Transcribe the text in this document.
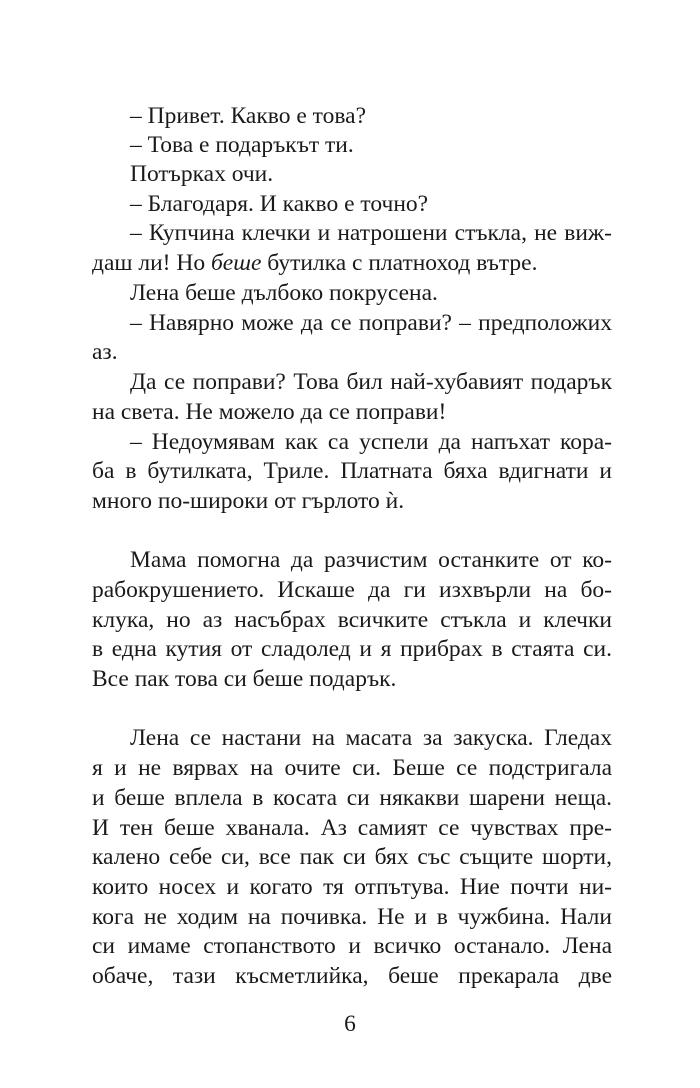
– Привет. Какво е това?
– Това е подаръкът ти.
Потърках очи.
– Благодаря. И какво е точно?
– Купчина клечки и натрошени стъкла, не виж-
даш ли! Но беше бутилка с платноход вътре.
Лена беше дълбоко покрусена.
– Навярно може да се поправи? – предположих
аз.
Да се поправи? Това бил най-хубавият подарък
на света. Не можело да се поправи!
– Недоумявам как са успели да напъхат кора-
ба в бутилката, Триле. Платната бяха вдигнати и
много по-широки от гърлото ѝ.
Мама помогна да разчистим останките от ко-
рабокрушението. Искаше да ги изхвърли на бо-
клука, но аз насъбрах всичките стъкла и клечки
в една кутия от сладолед и я прибрах в стаята си.
Все пак това си беше подарък.
Лена се настани на масата за закуска. Гледах
я и не вярвах на очите си. Беше се подстригала
и беше вплела в косата си някакви шарени неща.
И тен беше хванала. Аз самият се чувствах пре-
калено себе си, все пак си бях със същите шорти,
които носех и когато тя отпътува. Ние почти ни-
кога не ходим на почивка. Не и в чужбина. Нали
си имаме стопанството и всичко останало. Лена
обаче, тази късметлийка, беше прекарала две
6
